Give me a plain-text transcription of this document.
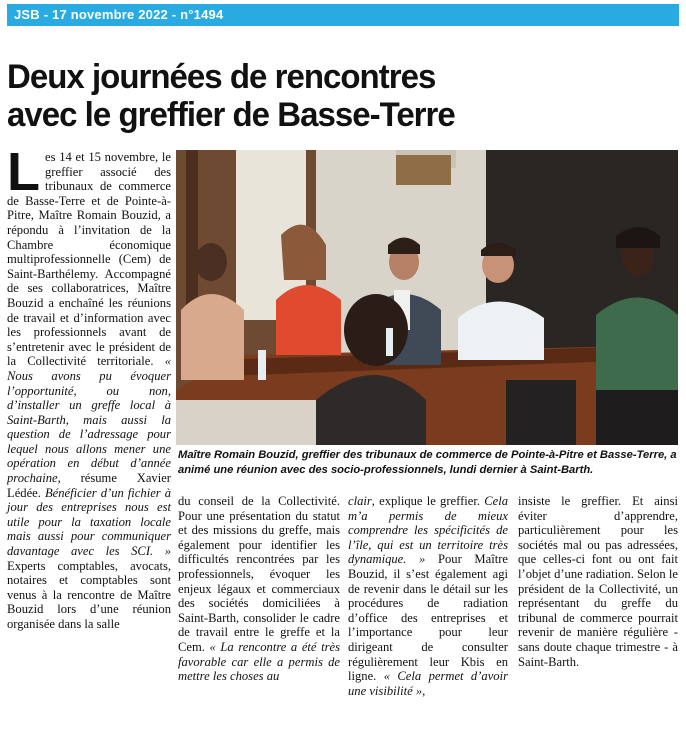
JSB - 17 novembre 2022 - n°1494
Deux journées de rencontres
avec le greffier de Basse-Terre
L es 14 et 15 novembre, le greffier associé des tribunaux de commerce de Basse-Terre et de Pointe-à-Pitre, Maître Romain Bouzid, a répondu à l’invitation de la Chambre économique multiprofessionnelle (Cem) de Saint-Barthélemy. Accompagné de ses collaboratrices, Maître Bouzid a enchaîné les réunions de travail et d’information avec les professionnels avant de s’entretenir avec le président de la Collectivité territoriale. « Nous avons pu évoquer l’opportunité, ou non, d’installer un greffe local à Saint-Barth, mais aussi la question de l’adressage pour lequel nous allons mener une opération en début d’année prochaine, résume Xavier Lédée. Bénéficier d’un fichier à jour des entreprises nous est utile pour la taxation locale mais aussi pour communiquer davantage avec les SCI. » Experts comptables, avocats, notaires et comptables sont venus à la rencontre de Maître Bouzid lors d’une réunion organisée dans la salle

Maître Romain Bouzid, greffier des tribunaux de commerce de Pointe-à-Pitre et Basse-Terre, a animé une réunion avec des socio-professionnels, lundi dernier à Saint-Barth.

du conseil de la Collectivité. Pour une présentation du statut et des missions du greffe, mais également pour identifier les difficultés rencontrées par les professionnels, évoquer les enjeux légaux et commerciaux des sociétés domiciliées à Saint-Barth, consolider le cadre de travail entre le greffe et la Cem. « La rencontre a été très favorable car elle a permis de mettre les choses au
clair, explique le greffier. Cela m’a permis de mieux comprendre les spécificités de l’île, qui est un territoire très dynamique. » Pour Maître Bouzid, il s’est également agi de revenir dans le détail sur les procédures de radiation d’office des entreprises et l’importance pour leur dirigeant de consulter régulièrement leur Kbis en ligne. « Cela permet d’avoir une visibilité »,
insiste le greffier. Et ainsi éviter d’apprendre, particulièrement pour les sociétés mal ou pas adressées, que celles-ci font ou ont fait l’objet d’une radiation. Selon le président de la Collectivité, un représentant du greffe du tribunal de commerce pourrait revenir de manière régulière - sans doute chaque trimestre - à Saint-Barth.
